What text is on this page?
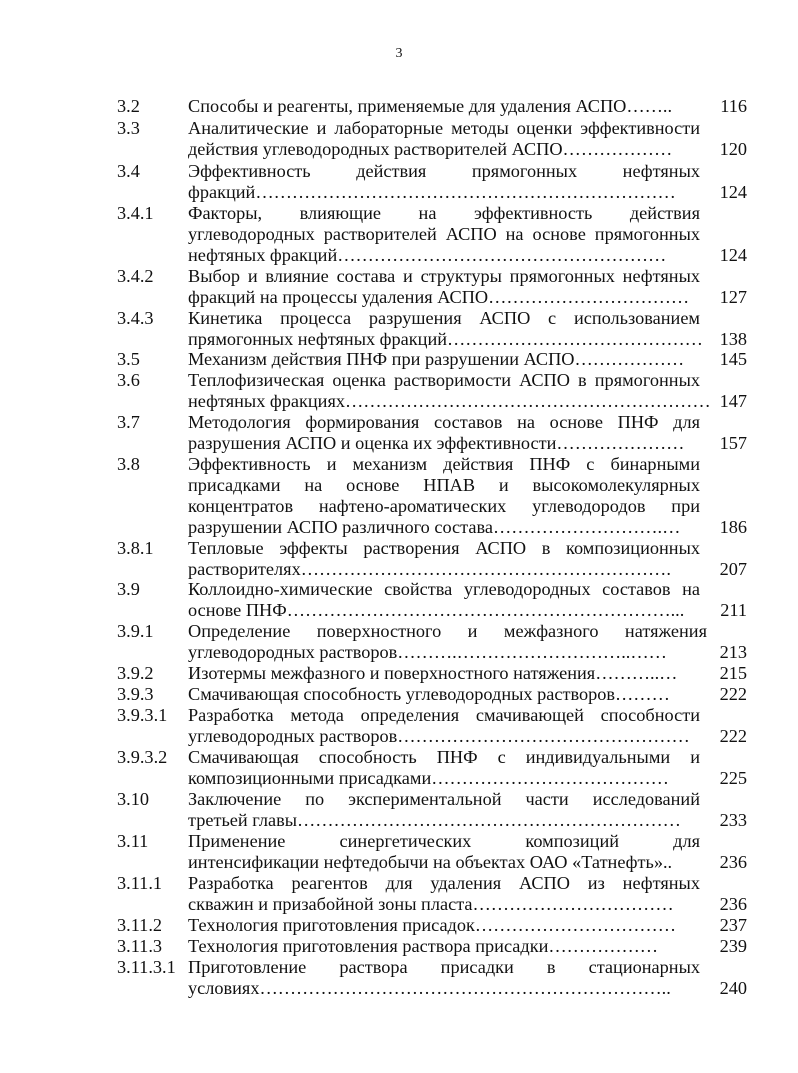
3
3.2	Способы и реагенты, применяемые для удаления АСПО……..	116
3.3	Аналитические и лабораторные методы оценки эффективности
действия углеводородных растворителей АСПО………………	120
3.4	Эффективность действия прямогонных нефтяных
фракций……………………………………………………………	124
3.4.1 Факторы, влияющие на эффективность действия
углеводородных растворителей АСПО на основе прямогонных
нефтяных фракций………………………………………………	124
3.4.2 Выбор и влияние состава и структуры прямогонных нефтяных
фракций на процессы удаления АСПО……………………………	127
3.4.3 Кинетика процесса разрушения АСПО с использованием
прямогонных нефтяных фракций…………………………………… 138
3.5	Механизм действия ПНФ при разрушении АСПО………………	145
3.6	Теплофизическая оценка растворимости АСПО в прямогонных
нефтяных фракциях…………………………………………………… 147
3.7	Методология формирования составов на основе ПНФ для
разрушения АСПО и оценка их эффективности…………………	157
3.8	Эффективность и механизм действия ПНФ с бинарными
присадками на основе НПАВ и высокомолекулярных
концентратов нафтено-ароматических углеводородов при
разрушении АСПО различного состава……………………….…	186
3.8.1 Тепловые эффекты растворения АСПО в композиционных
растворителях…………………………………………………….	207
3.9	Коллоидно-химические свойства углеводородных составов на
основе ПНФ………………………………………………………...	211
3.9.1 Определение поверхностного и межфазного натяжения
углеводородных растворов……….………………………..……	213
3.9.2 Изотермы межфазного и поверхностного натяжения………..…	215
3.9.3 Смачивающая способность углеводородных растворов………	222
3.9.3.1 Разработка метода определения смачивающей способности
углеводородных растворов…………………………………………	222
3.9.3.2 Смачивающая способность ПНФ с индивидуальными и
композиционными присадками…………………………………	225
3.10 Заключение по экспериментальной части исследований
третьей главы………………………………………………………	233
3.11 Применение синергетических композиций для
интенсификации нефтедобычи на объектах ОАО «Татнефть»..	236
3.11.1 Разработка реагентов для удаления АСПО из нефтяных
скважин и призабойной зоны пласта……………………………	236
3.11.2 Технология приготовления присадок……………………………	237
3.11.3 Технология приготовления раствора присадки………………	239
3.11.3.1 Приготовление раствора присадки в стационарных
условиях…………………………………………………………..	240
